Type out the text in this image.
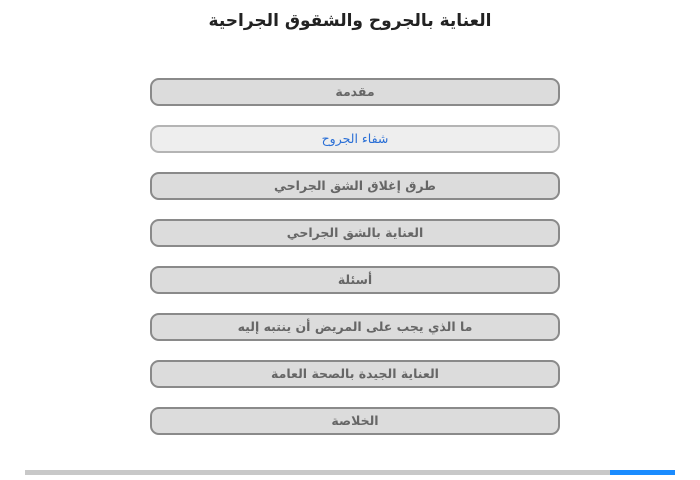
العناية بالجروح والشقوق الجراحية
مقدمة
شفاء الجروح
طرق إغلاق الشق الجراحي
العناية بالشق الجراحي
أسئلة
ما الذي يجب على المريض أن ينتبه إليه
العناية الجيدة بالصحة العامة
الخلاصة
